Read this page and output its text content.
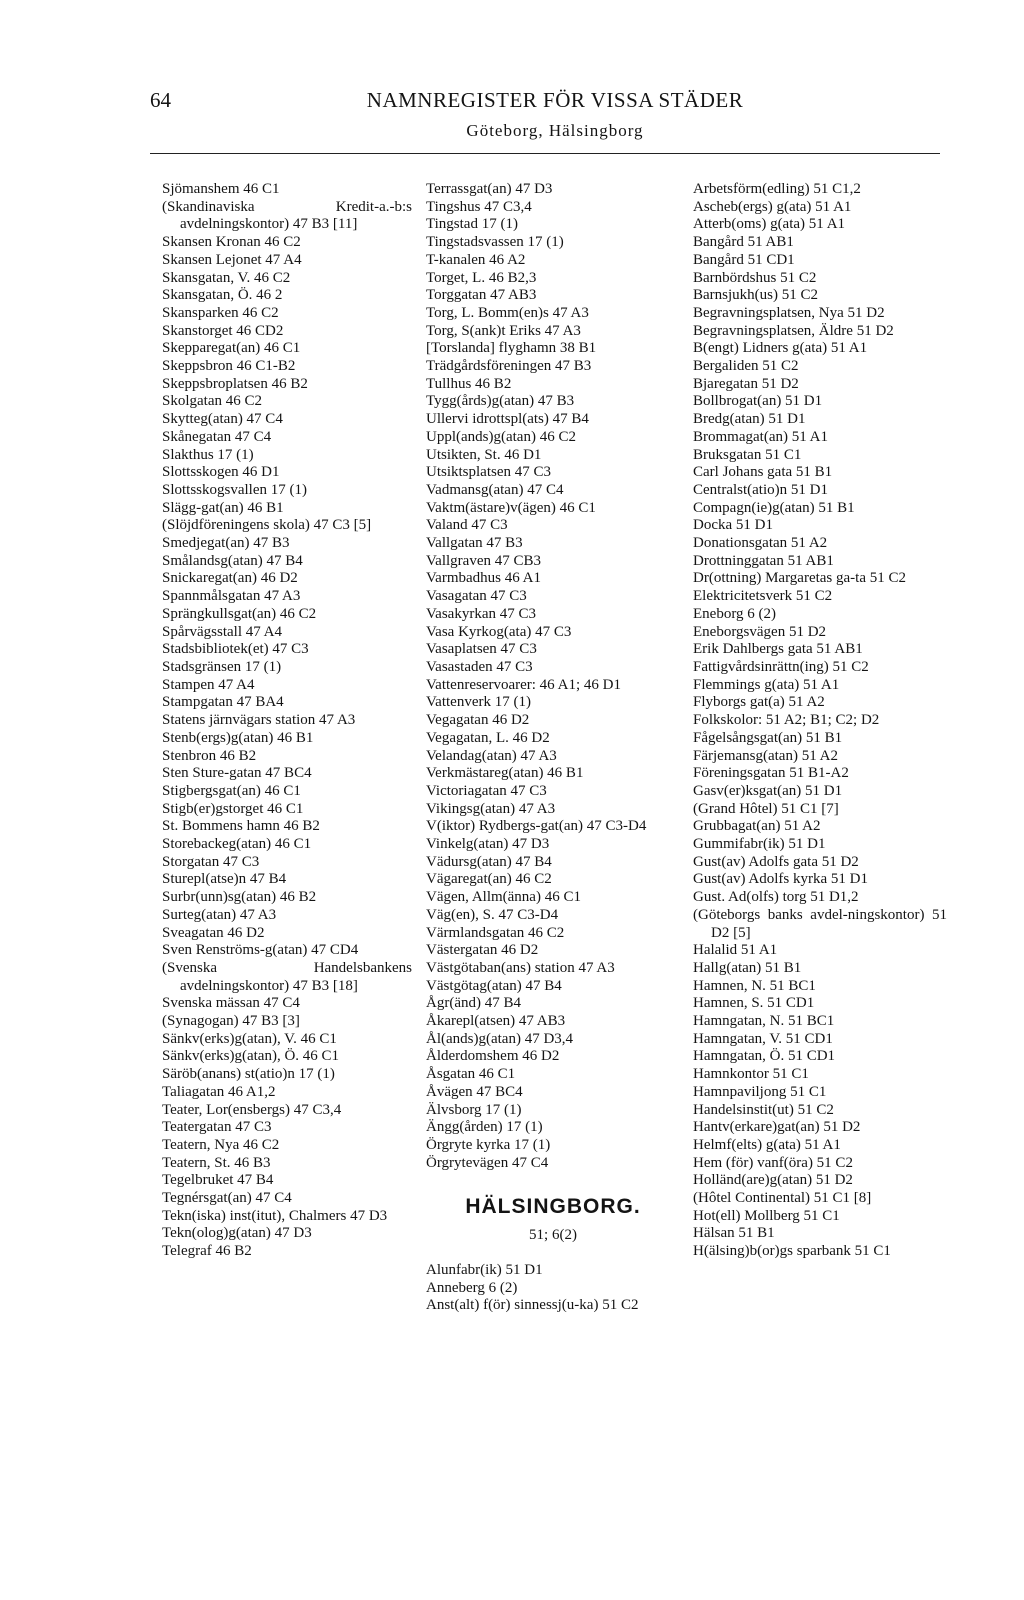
64	NAMNREGISTER FÖR VISSA STÄDER
Göteborg, Hälsingborg
Sjömanshem 46 C1
(Skandinaviska Kredit-a.-b:s avdelningskontor) 47 B3 [11]
Skansen Kronan 46 C2
Skansen Lejonet 47 A4
Skansgatan, V. 46 C2
Skansgatan, Ö. 46 2
Skansparken 46 C2
Skanstorget 46 CD2
Skepparegat(an) 46 C1
Skeppsbron 46 C1-B2
Skeppsbroplatsen 46 B2
Skolgatan 46 C2
Skytteg(atan) 47 C4
Skånegatan 47 C4
Slakthus 17 (1)
Slottsskogen 46 D1
Slottsskogsvallen 17 (1)
Slägg-gat(an) 46 B1
(Slöjdföreningens skola) 47 C3 [5]
Smedjegat(an) 47 B3
Smålandsg(atan) 47 B4
Snickaregat(an) 46 D2
Spannmålsgatan 47 A3
Sprängkullsgat(an) 46 C2
Spårvägsstall 47 A4
Stadsbibliotek(et) 47 C3
Stadsgränsen 17 (1)
Stampen 47 A4
Stampgatan 47 BA4
Statens järnvägars station 47 A3
Stenb(ergs)g(atan) 46 B1
Stenbron 46 B2
Sten Sture-gatan 47 BC4
Stigbergsgat(an) 46 C1
Stigb(er)gstorget 46 C1
St. Bommens hamn 46 B2
Storebackeg(atan) 46 C1
Storgatan 47 C3
Sturepl(atse)n 47 B4
Surbr(unn)sg(atan) 46 B2
Surteg(atan) 47 A3
Sveagatan 46 D2
Sven Renströms-g(atan) 47 CD4
(Svenska Handelsbankens avdelningskontor) 47 B3 [18]
Svenska mässan 47 C4
(Synagogan) 47 B3 [3]
Sänkv(erks)g(atan), V. 46 C1
Sänkv(erks)g(atan), Ö. 46 C1
Säröb(anans) st(atio)n 17 (1)
Taliagatan 46 A1,2
Teater, Lor(ensbergs) 47 C3,4
Teatergatan 47 C3
Teatern, Nya 46 C2
Teatern, St. 46 B3
Tegelbruket 47 B4
Tegnérsgat(an) 47 C4
Tekn(iska) inst(itut), Chalmers 47 D3
Tekn(olog)g(atan) 47 D3
Telegraf 46 B2
Terrassgat(an) 47 D3
Tingshus 47 C3,4
Tingstad 17 (1)
Tingstadsvassen 17 (1)
T-kanalen 46 A2
Torget, L. 46 B2,3
Torggatan 47 AB3
Torg, L. Bomm(en)s 47 A3
Torg, S(ank)t Eriks 47 A3
[Torslanda] flyghamn 38 B1
Trädgårdsföreningen 47 B3
Tullhus 46 B2
Tygg(årds)g(atan) 47 B3
Ullervi idrottspl(ats) 47 B4
Uppl(ands)g(atan) 46 C2
Utsikten, St. 46 D1
Utsiktsplatsen 47 C3
Vadmansg(atan) 47 C4
Vaktm(ästare)v(ägen) 46 C1
Valand 47 C3
Vallgatan 47 B3
Vallgraven 47 CB3
Varmbadhus 46 A1
Vasagatan 47 C3
Vasakyrkan 47 C3
Vasa Kyrkog(ata) 47 C3
Vasaplatsen 47 C3
Vasastaden 47 C3
Vattenreservoarer: 46 A1; 46 D1
Vattenverk 17 (1)
Vegagatan 46 D2
Vegagatan, L. 46 D2
Velandag(atan) 47 A3
Verkmästareg(atan) 46 B1
Victoriagatan 47 C3
Vikingsg(atan) 47 A3
V(iktor) Rydbergs-gat(an) 47 C3-D4
Vinkelg(atan) 47 D3
Vädursg(atan) 47 B4
Vägaregat(an) 46 C2
Vägen, Allm(änna) 46 C1
Väg(en), S. 47 C3-D4
Värmlandsgatan 46 C2
Västergatan 46 D2
Västgötaban(ans) station 47 A3
Västgötag(atan) 47 B4
Ågr(änd) 47 B4
Åkarepl(atsen) 47 AB3
Ål(ands)g(atan) 47 D3,4
Ålderdomshem 46 D2
Åsgatan 46 C1
Åvägen 47 BC4
Älvsborg 17 (1)
Ängg(ården) 17 (1)
Örgryte kyrka 17 (1)
Örgrytevägen 47 C4
HÄLSINGBORG.
51; 6(2)
Alunfabr(ik) 51 D1
Anneberg 6 (2)
Anst(alt) f(ör) sinnessj(u-ka) 51 C2
Arbetsförm(edling) 51 C1,2
Ascheb(ergs) g(ata) 51 A1
Atterb(oms) g(ata) 51 A1
Bangård 51 AB1
Bangård 51 CD1
Barnbördshus 51 C2
Barnsjukh(us) 51 C2
Begravningsplatsen, Nya 51 D2
Begravningsplatsen, Äldre 51 D2
B(engt) Lidners g(ata) 51 A1
Bergaliden 51 C2
Bjaregatan 51 D2
Bollbrogat(an) 51 D1
Bredg(atan) 51 D1
Brommagat(an) 51 A1
Bruksgatan 51 C1
Carl Johans gata 51 B1
Centralst(atio)n 51 D1
Compagn(ie)g(atan) 51 B1
Docka 51 D1
Donationsgatan 51 A2
Drottninggatan 51 AB1
Dr(ottning) Margaretas ga-ta 51 C2
Elektricitetsverk 51 C2
Eneborg 6 (2)
Eneborgsvägen 51 D2
Erik Dahlbergs gata 51 AB1
Fattigvårdsinrättn(ing) 51 C2
Flemmings g(ata) 51 A1
Flyborgs gat(a) 51 A2
Folkskolor: 51 A2; B1; C2; D2
Fågelsångsgat(an) 51 B1
Färjemansg(atan) 51 A2
Föreningsgatan 51 B1-A2
Gasv(er)ksgat(an) 51 D1
(Grand Hôtel) 51 C1 [7]
Grubbagat(an) 51 A2
Gummifabr(ik) 51 D1
Gust(av) Adolfs gata 51 D2
Gust(av) Adolfs kyrka 51 D1
Gust. Ad(olfs) torg 51 D1,2
(Göteborgs banks avdel-ningskontor) 51 D2 [5]
Halalid 51 A1
Hallg(atan) 51 B1
Hamnen, N. 51 BC1
Hamnen, S. 51 CD1
Hamngatan, N. 51 BC1
Hamngatan, V. 51 CD1
Hamngatan, Ö. 51 CD1
Hamnkontor 51 C1
Hamnpaviljong 51 C1
Handelsinstit(ut) 51 C2
Hantv(erkare)gat(an) 51 D2
Helmf(elts) g(ata) 51 A1
Hem (för) vanf(öra) 51 C2
Holländ(are)g(atan) 51 D2
(Hôtel Continental) 51 C1 [8]
Hot(ell) Mollberg 51 C1
Hälsan 51 B1
H(älsing)b(or)gs sparbank 51 C1
